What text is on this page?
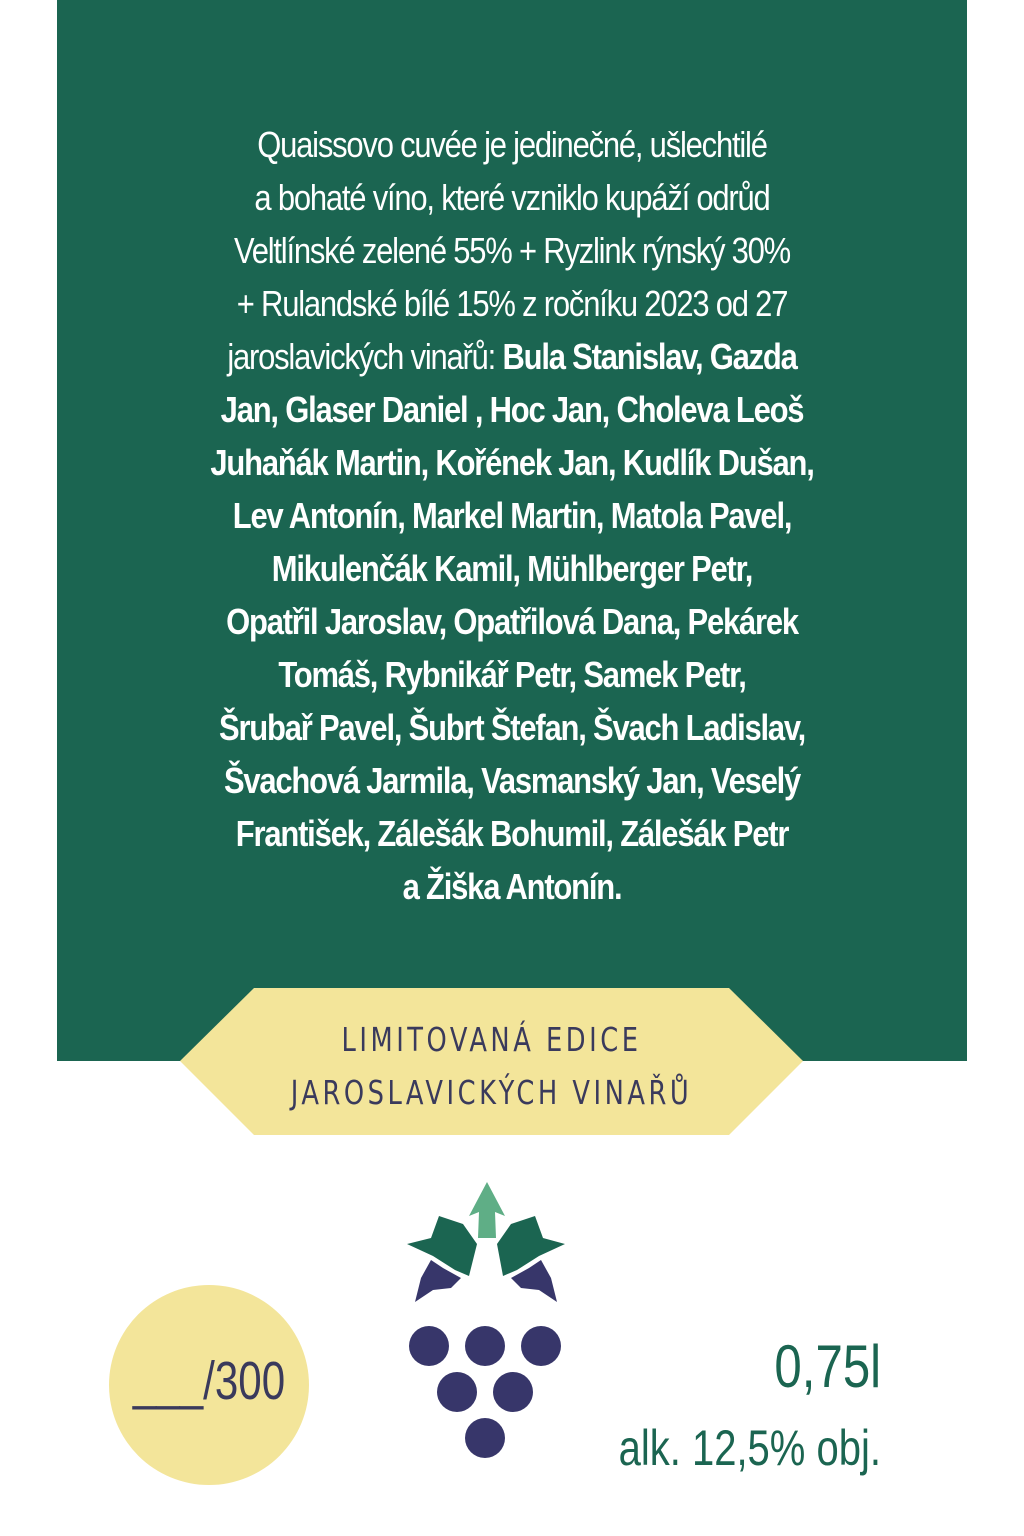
Quaissovo cuvée je jedinečné, ušlechtilé
a bohaté víno, které vzniklo kupáží odrůd
Veltlínské zelené 55% + Ryzlink rýnský 30%
+ Rulandské bílé 15% z ročníku 2023 od 27
jaroslavických vinařů: Bula Stanislav, Gazda
Jan, Glaser Daniel , Hoc Jan, Choleva Leoš
Juhaňák Martin, Kořének Jan, Kudlík Dušan,
Lev Antonín, Markel Martin, Matola Pavel,
Mikulenčák Kamil, Mühlberger Petr,
Opatřil Jaroslav, Opatřilová Dana, Pekárek
Tomáš, Rybnikář Petr, Samek Petr,
Šrubař Pavel, Šubrt Štefan, Švach Ladislav,
Švachová Jarmila, Vasmanský Jan, Veselý
František, Zálešák Bohumil, Zálešák Petr
a Žiška Antonín.
LIMITOVANÁ EDICE
JAROSLAVICKÝCH VINAŘŮ
___/300	0,75l
alk. 12,5% obj.
